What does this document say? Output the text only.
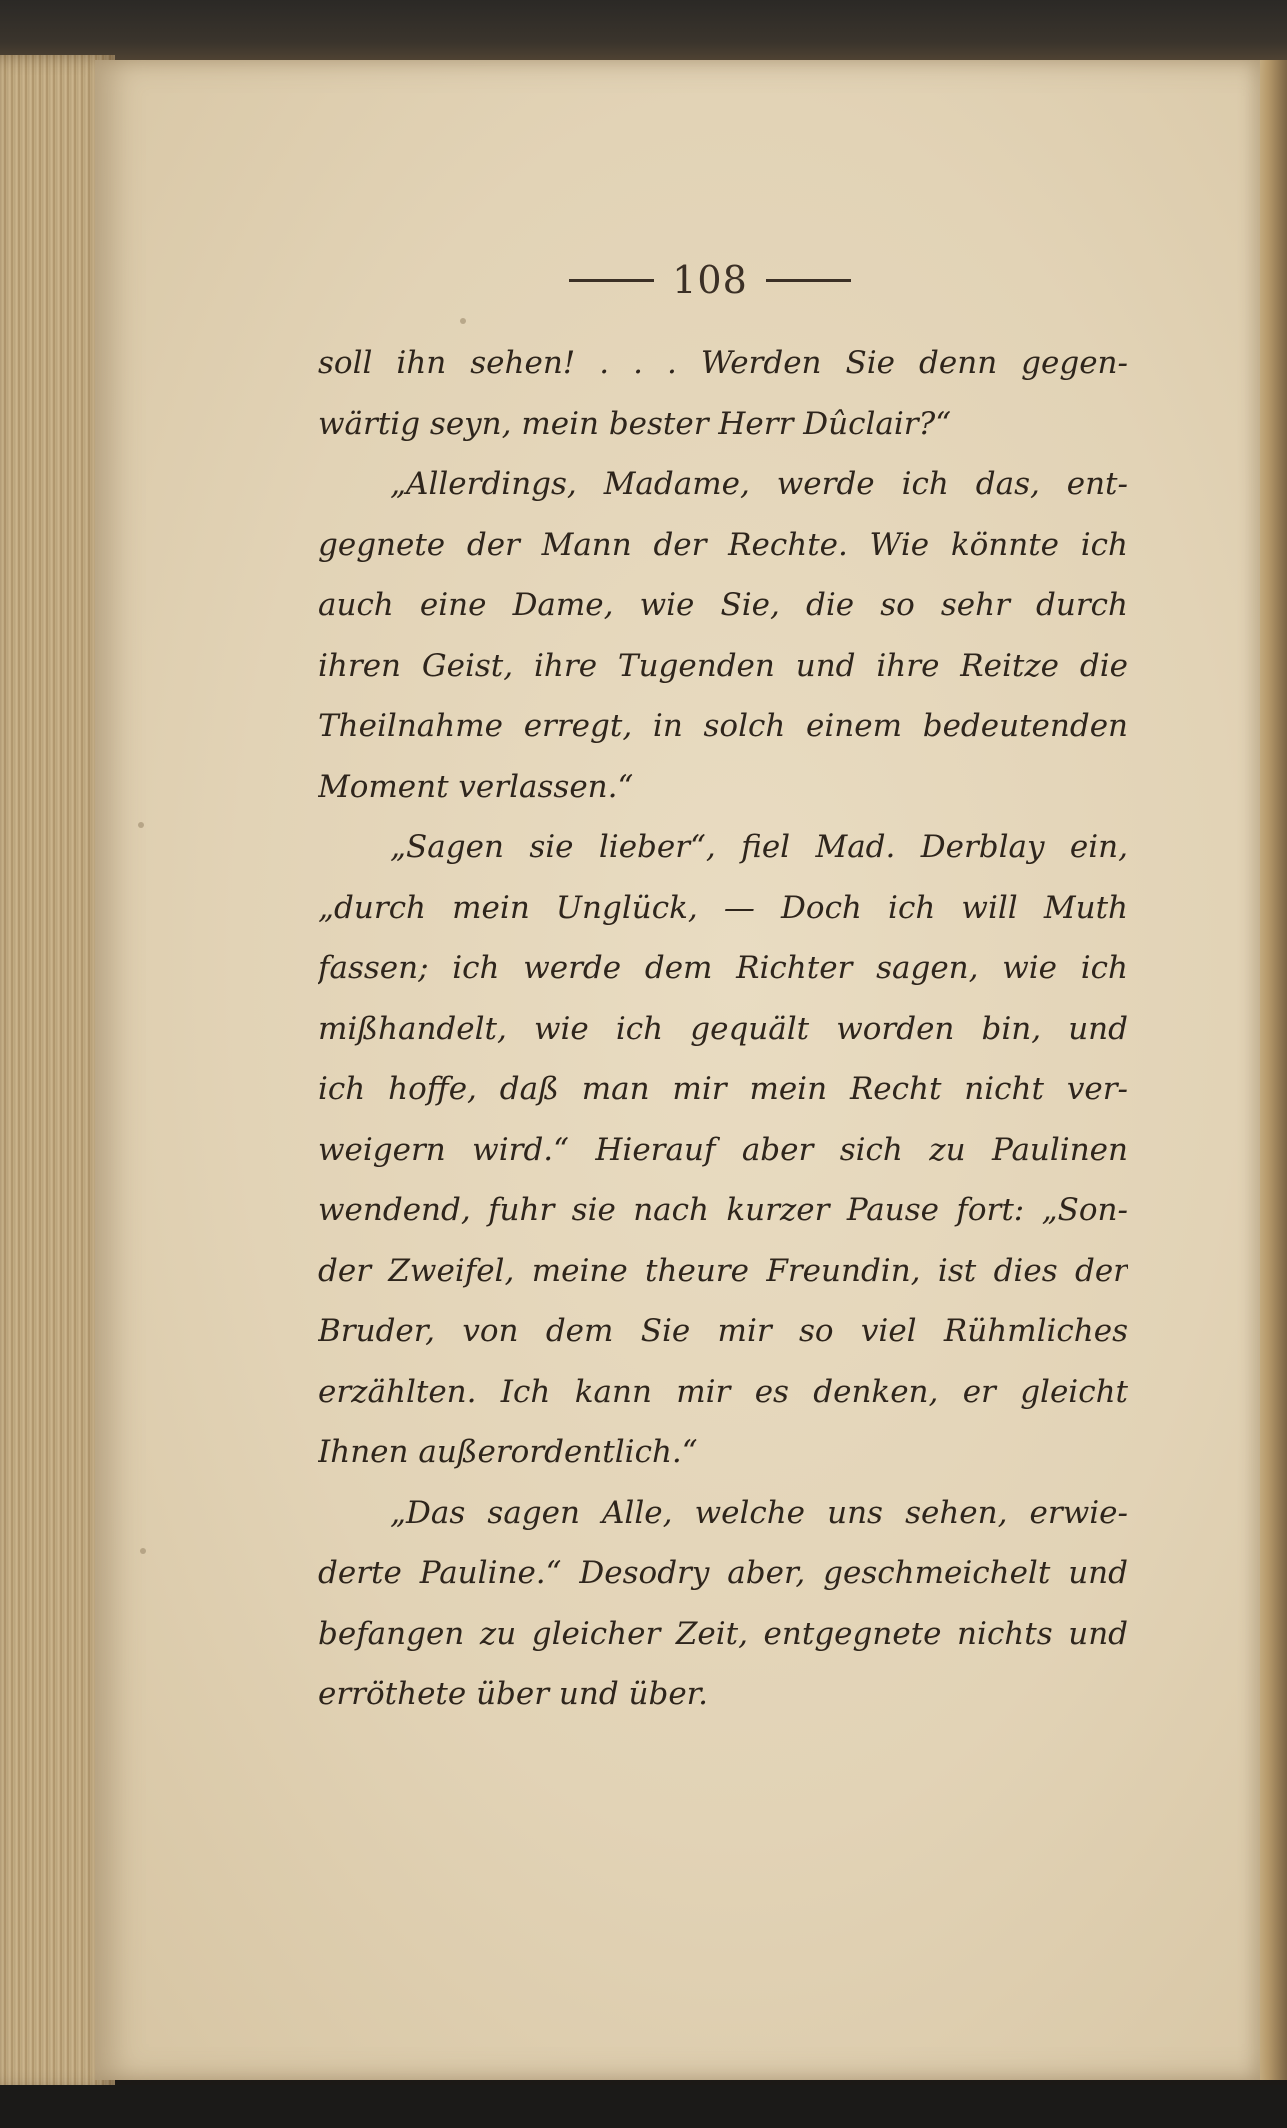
108
soll ihn sehen! . . . Werden Sie denn gegen-
wärtig seyn, mein bester Herr Dûclair?“
„Allerdings, Madame, werde ich das, ent-
gegnete der Mann der Rechte. Wie könnte ich
auch eine Dame, wie Sie, die so sehr durch
ihren Geist, ihre Tugenden und ihre Reitze die
Theilnahme erregt, in solch einem bedeutenden
Moment verlassen.“
„Sagen sie lieber“, fiel Mad. Derblay ein,
„durch mein Unglück, — Doch ich will Muth
fassen; ich werde dem Richter sagen, wie ich
mißhandelt, wie ich gequält worden bin, und
ich hoffe, daß man mir mein Recht nicht ver-
weigern wird.“ Hierauf aber sich zu Paulinen
wendend, fuhr sie nach kurzer Pause fort: „Son-
der Zweifel, meine theure Freundin, ist dies der
Bruder, von dem Sie mir so viel Rühmliches
erzählten. Ich kann mir es denken, er gleicht
Ihnen außerordentlich.“
„Das sagen Alle, welche uns sehen, erwie-
derte Pauline.“ Desodry aber, geschmeichelt und
befangen zu gleicher Zeit, entgegnete nichts und
erröthete über und über.
